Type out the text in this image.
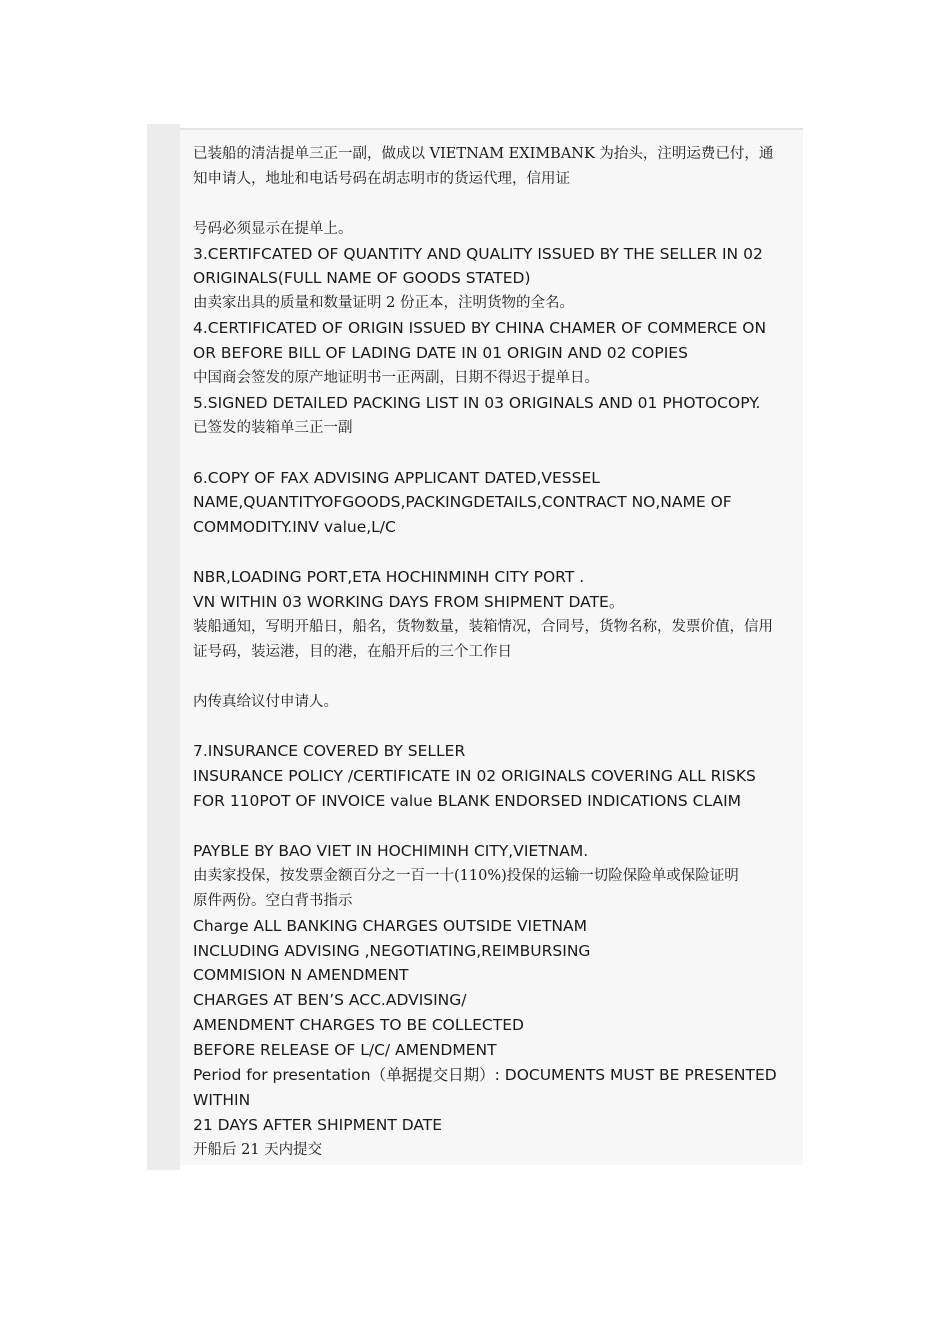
已装船的清洁提单三正一副，做成以 VIETNAM EXIMBANK 为抬头，注明运费已付，通
知申请人，地址和电话号码在胡志明市的货运代理，信用证
号码必须显示在提单上。
3.CERTIFCATED OF QUANTITY AND QUALITY ISSUED BY THE SELLER IN 02
ORIGINALS(FULL NAME OF GOODS STATED)
由卖家出具的质量和数量证明 2 份正本，注明货物的全名。
4.CERTIFICATED OF ORIGIN ISSUED BY CHINA CHAMER OF COMMERCE ON
OR BEFORE BILL OF LADING DATE IN 01 ORIGIN AND 02 COPIES
中国商会签发的原产地证明书一正两副，日期不得迟于提单日。
5.SIGNED DETAILED PACKING LIST IN 03 ORIGINALS AND 01 PHOTOCOPY.
已签发的装箱单三正一副
6.COPY OF FAX ADVISING APPLICANT DATED,VESSEL
NAME,QUANTITYOFGOODS,PACKINGDETAILS,CONTRACT NO,NAME OF
COMMODITY.INV value,L/C
NBR,LOADING PORT,ETA HOCHINMINH CITY PORT .
VN WITHIN 03 WORKING DAYS FROM SHIPMENT DATE。
装船通知，写明开船日，船名，货物数量，装箱情况，合同号，货物名称，发票价值，信用
证号码，装运港，目的港，在船开后的三个工作日
内传真给议付申请人。
7.INSURANCE COVERED BY SELLER
INSURANCE POLICY /CERTIFICATE IN 02 ORIGINALS COVERING ALL RISKS
FOR 110POT OF INVOICE value BLANK ENDORSED INDICATIONS CLAIM
PAYBLE BY BAO VIET IN HOCHIMINH CITY,VIETNAM.
由卖家投保，按发票金额百分之一百一十(110%)投保的运输一切险保险单或保险证明
原件两份。空白背书指示
Charge ALL BANKING CHARGES OUTSIDE VIETNAM
INCLUDING ADVISING ,NEGOTIATING,REIMBURSING
COMMISION N AMENDMENT
CHARGES AT BEN’S ACC.ADVISING/
AMENDMENT CHARGES TO BE COLLECTED
BEFORE RELEASE OF L/C/ AMENDMENT
Period for presentation（单据提交日期）: DOCUMENTS MUST BE PRESENTED
WITHIN
21 DAYS AFTER SHIPMENT DATE
开船后 21 天内提交
